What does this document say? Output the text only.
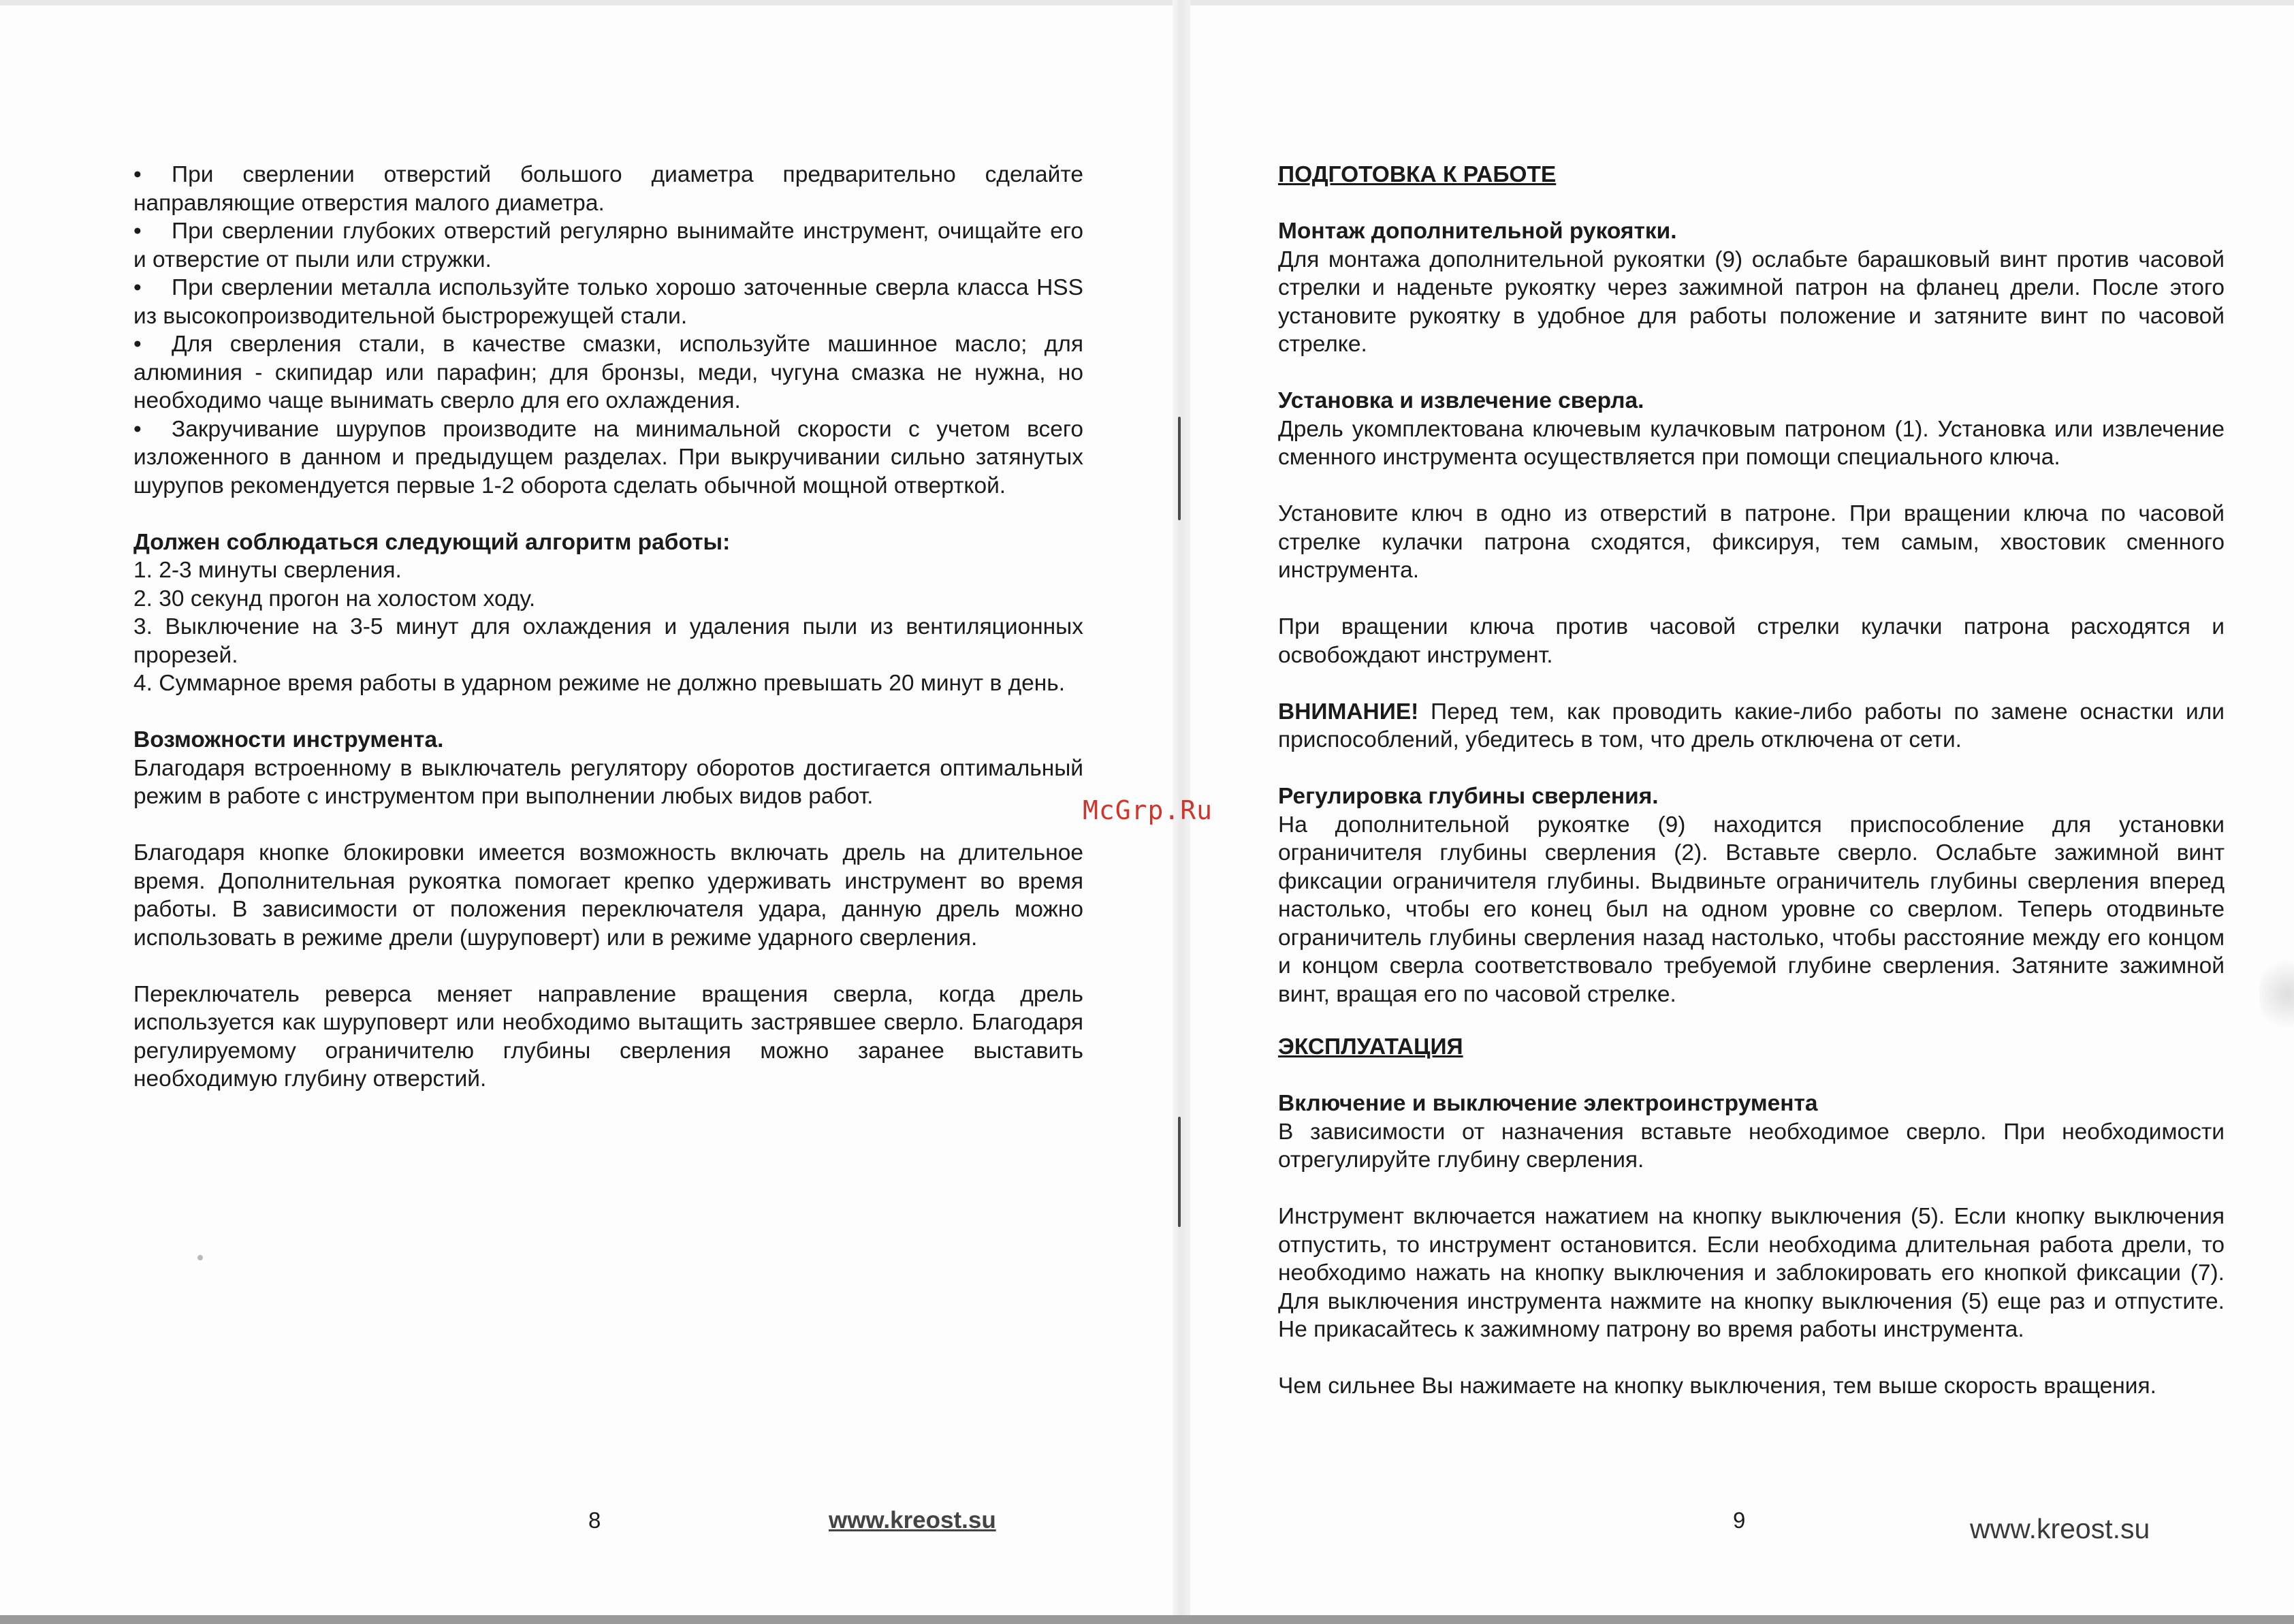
• При сверлении отверстий большого диаметра предварительно сделайте направляющие отверстия малого диаметра.

• При сверлении глубоких отверстий регулярно вынимайте инструмент, очищайте его и отверстие от пыли или стружки.

• При сверлении металла используйте только хорошо заточенные сверла класса HSS из высокопроизводительной быстрорежущей стали.

• Для сверления стали, в качестве смазки, используйте машинное масло; для алюминия - скипидар или парафин; для бронзы, меди, чугуна смазка не нужна, но необходимо чаще вынимать сверло для его охлаждения.

• Закручивание шурупов производите на минимальной скорости с учетом всего изложенного в данном и предыдущем разделах. При выкручивании сильно затянутых шурупов рекомендуется первые 1-2 оборота сделать обычной мощной отверткой.

Должен соблюдаться следующий алгоритм работы:

1. 2-3 минуты сверления.

2. 30 секунд прогон на холостом ходу.

3. Выключение на 3-5 минут для охлаждения и удаления пыли из вентиляционных прорезей.

4. Суммарное время работы в ударном режиме не должно превышать 20 минут в день.

Возможности инструмента.

Благодаря встроенному в выключатель регулятору оборотов достигается оптимальный режим в работе с инструментом при выполнении любых видов работ.

Благодаря кнопке блокировки имеется возможность включать дрель на длительное время. Дополнительная рукоятка помогает крепко удерживать инструмент во время работы. В зависимости от положения переключателя удара, данную дрель можно использовать в режиме дрели (шуруповерт) или в режиме ударного сверления.

Переключатель реверса меняет направление вращения сверла, когда дрель используется как шуруповерт или необходимо вытащить застрявшее сверло. Благодаря регулируемому ограничителю глубины сверления можно заранее выставить необходимую глубину отверстий.

8	www.kreost.su
McGrp.Ru

ПОДГОТОВКА К РАБОТЕ

Монтаж дополнительной рукоятки.

Для монтажа дополнительной рукоятки (9) ослабьте барашковый винт против часовой стрелки и наденьте рукоятку через зажимной патрон на фланец дрели. После этого установите рукоятку в удобное для работы положение и затяните винт по часовой стрелке.

Установка и извлечение сверла.

Дрель укомплектована ключевым кулачковым патроном (1). Установка или извлечение сменного инструмента осуществляется при помощи специального ключа.

Установите ключ в одно из отверстий в патроне. При вращении ключа по часовой стрелке кулачки патрона сходятся, фиксируя, тем самым, хвостовик сменного инструмента.

При вращении ключа против часовой стрелки кулачки патрона расходятся и освобождают инструмент.

ВНИМАНИЕ! Перед тем, как проводить какие-либо работы по замене оснастки или приспособлений, убедитесь в том, что дрель отключена от сети.

Регулировка глубины сверления.

На дополнительной рукоятке (9) находится приспособление для установки ограничителя глубины сверления (2). Вставьте сверло. Ослабьте зажимной винт фиксации ограничителя глубины. Выдвиньте ограничитель глубины сверления вперед настолько, чтобы его конец был на одном уровне со сверлом. Теперь отодвиньте ограничитель глубины сверления назад настолько, чтобы расстояние между его концом и концом сверла соответствовало требуемой глубине сверления. Затяните зажимной винт, вращая его по часовой стрелке.

ЭКСПЛУАТАЦИЯ

Включение и выключение электроинструмента

В зависимости от назначения вставьте необходимое сверло. При необходимости отрегулируйте глубину сверления.

Инструмент включается нажатием на кнопку выключения (5). Если кнопку выключения отпустить, то инструмент остановится. Если необходима длительная работа дрели, то необходимо нажать на кнопку выключения и заблокировать его кнопкой фиксации (7). Для выключения инструмента нажмите на кнопку выключения (5) еще раз и отпустите. Не прикасайтесь к зажимному патрону во время работы инструмента.

Чем сильнее Вы нажимаете на кнопку выключения, тем выше скорость вращения.

9	www.kreost.su
